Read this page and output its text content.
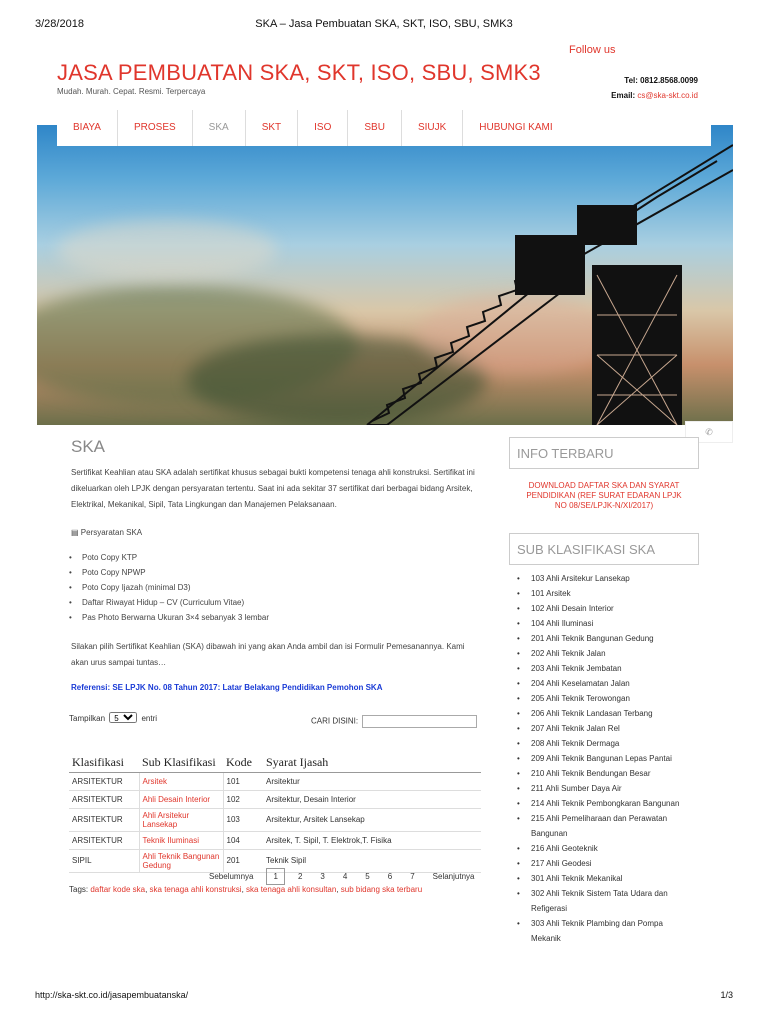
3/28/2018	SKA – Jasa Pembuatan SKA, SKT, ISO, SBU, SMK3
JASA PEMBUATAN SKA, SKT, ISO, SBU, SMK3
Mudah. Murah. Cepat. Resmi. Terpercaya
Follow us
Tel: 0812.8568.0099
Email: cs@ska-skt.co.id
BIAYA	PROSES	SKA	SKT	ISO	SBU	SIUJK	HUBUNGI KAMI
✆
SKA
Sertifikat Keahlian atau SKA adalah sertifikat khusus sebagai bukti kompetensi tenaga ahli konstruksi. Sertifikat ini dikeluarkan oleh LPJK dengan persyaratan tertentu. Saat ini ada sekitar 37 sertifikat dari berbagai bidang Arsitek, Elektrikal, Mekanikal, Sipil, Tata Lingkungan dan Manajemen Pelaksanaan.
▤ Persyaratan SKA
• Poto Copy KTP
• Poto Copy NPWP
• Poto Copy Ijazah (minimal D3)
• Daftar Riwayat Hidup – CV (Curriculum Vitae)
• Pas Photo Berwarna Ukuran 3×4 sebanyak 3 lembar
Silakan pilih Sertifikat Keahlian (SKA) dibawah ini yang akan Anda ambil dan isi Formulir Pemesanannya. Kami akan urus sampai tuntas…
Referensi: SE LPJK No. 08 Tahun 2017: Latar Belakang Pendidikan Pemohon SKA
Tampilkan
5	entri	CARI DISINI:
Klasifikasi	Sub Klasifikasi	Kode	Syarat Ijasah
ARSITEKTUR	Arsitek	101	Arsitektur
ARSITEKTUR	Ahli Desain Interior	102	Arsitektur, Desain Interior
ARSITEKTUR	Ahli Arsitekur Lansekap	103	Arsitektur, Arsitek Lansekap
ARSITEKTUR	Teknik Iluminasi	104	Arsitek, T. Sipil, T. Elektrok,T. Fisika
SIPIL	Ahli Teknik Bangunan Gedung	201	Teknik Sipil
Sebelumnya	1	2	3	4	5	6	7	Selanjutnya
Tags: daftar kode ska, ska tenaga ahli konstruksi, ska tenaga ahli konsultan, sub bidang ska terbaru
INFO TERBARU
DOWNLOAD DAFTAR SKA DAN SYARAT PENDIDIKAN (REF SURAT EDARAN LPJK NO 08/SE/LPJK-N/XI/2017)
SUB KLASIFIKASI SKA
• 103 Ahli Arsitekur Lansekap
• 101 Arsitek
• 102 Ahli Desain Interior
• 104 Ahli Iluminasi
• 201 Ahli Teknik Bangunan Gedung
• 202 Ahli Teknik Jalan
• 203 Ahli Teknik Jembatan
• 204 Ahli Keselamatan Jalan
• 205 Ahli Teknik Terowongan
• 206 Ahli Teknik Landasan Terbang
• 207 Ahli Teknik Jalan Rel
• 208 Ahli Teknik Dermaga
• 209 Ahli Teknik Bangunan Lepas Pantai
• 210 Ahli Teknik Bendungan Besar
• 211 Ahli Sumber Daya Air
• 214 Ahli Teknik Pembongkaran Bangunan
• 215 Ahli Pemeliharaan dan Perawatan Bangunan
• 216 Ahli Geoteknik
• 217 Ahli Geodesi
• 301 Ahli Teknik Mekanikal
• 302 Ahli Teknik Sistem Tata Udara dan Refigerasi
• 303 Ahli Teknik Plambing dan Pompa Mekanik
http://ska-skt.co.id/jasapembuatanska/	1/3
